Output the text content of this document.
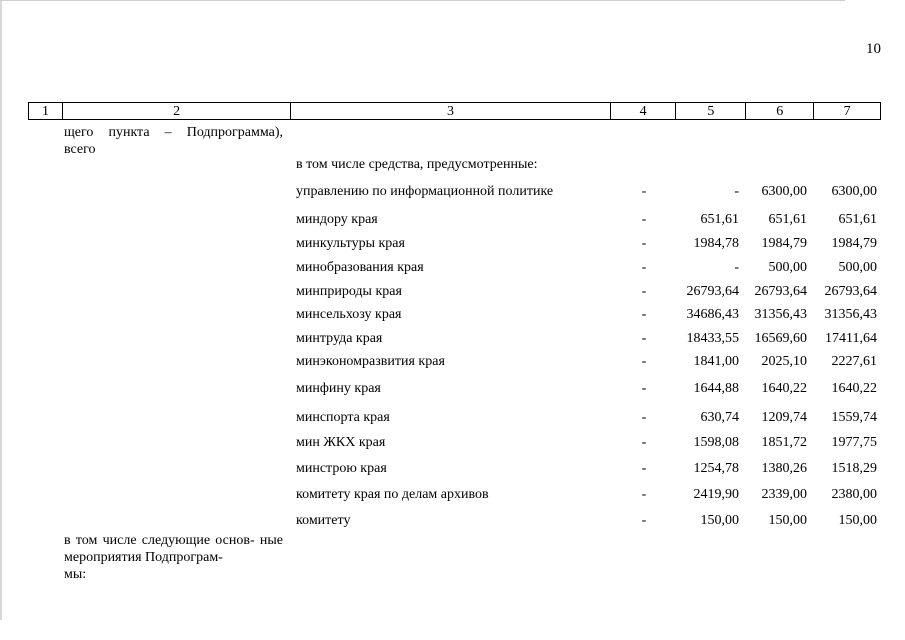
10
1	2	3	4	5	6	7
щего пункта – Подпрограмма), всего
в том числе средства, предусмотренные:
управлению по информационной политике	-	- 6300,00 6300,00
миндору края	-	651,61 651,61 651,61
минкультуры края	-	1984,78 1984,79 1984,79
минобразования края	-	- 500,00 500,00
минприроды края	-	26793,64 26793,64 26793,64
минсельхозу края	-	34686,43 31356,43 31356,43
минтруда края	-	18433,55 16569,60 17411,64
минэкономразвития края	-	1841,00 2025,10 2227,61
минфину края	-	1644,88 1640,22 1640,22
минспорта края	-	630,74 1209,74 1559,74
мин ЖКХ края	-	1598,08 1851,72 1977,75
минстрою края	-	1254,78 1380,26 1518,29
комитету края по делам архивов	-	2419,90 2339,00 2380,00
комитету	-	150,00 150,00 150,00
в том числе следующие основ- ные мероприятия Подпрограм-
мы:
